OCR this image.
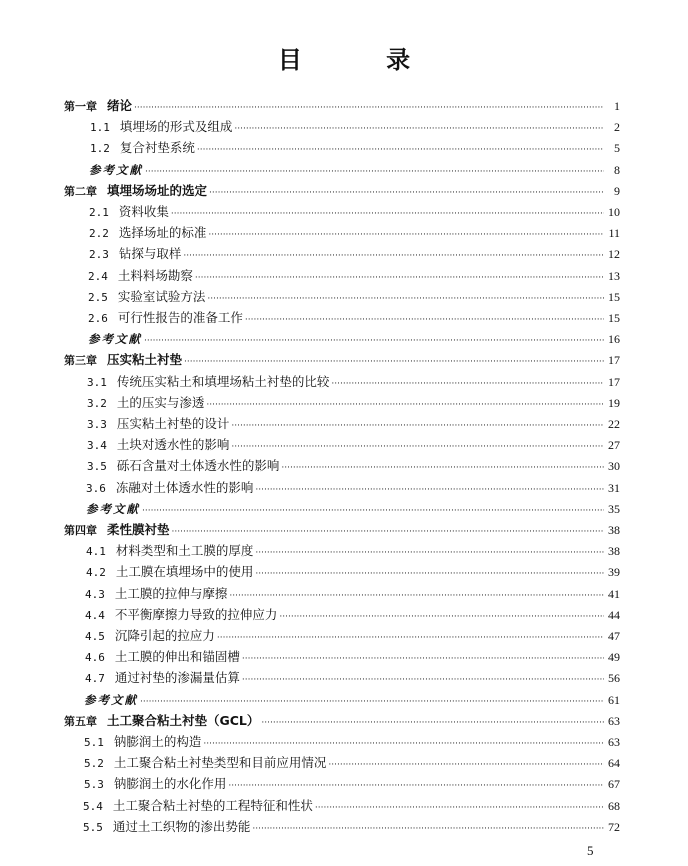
目 录
第一章 绪论 ·····	1
1.1 填埋场的形式及组成 ·····	2
1.2 复合衬垫系统 ·····	5
参考文献 ·····	8
第二章 填埋场场址的选定 ·····	9
2.1 资料收集 ·····	10
2.2 选择场址的标准 ·····	11
2.3 钻探与取样 ·····	12
2.4 土料料场勘察 ·····	13
2.5 实验室试验方法 ·····	15
2.6 可行性报告的准备工作 ·····	15
参考文献 ·····	16
第三章 压实粘土衬垫 ·····	17
3.1 传统压实粘土和填埋场粘土衬垫的比较 ·····	17
3.2 土的压实与渗透 ·····	19
3.3 压实粘土衬垫的设计 ·····	22
3.4 土块对透水性的影响 ·····	27
3.5 砾石含量对土体透水性的影响 ·····	30
3.6 冻融对土体透水性的影响 ·····	31
参考文献 ·····	35
第四章 柔性膜衬垫 ·····	38
4.1 材料类型和土工膜的厚度 ·····	38
4.2 土工膜在填埋场中的使用 ·····	39
4.3 土工膜的拉伸与摩擦 ·····	41
4.4 不平衡摩擦力导致的拉伸应力 ·····	44
4.5 沉降引起的拉应力 ·····	47
4.6 土工膜的伸出和锚固槽 ·····	49
4.7 通过衬垫的渗漏量估算 ·····	56
参考文献 ·····	61
第五章 土工聚合粘土衬垫（GCL） ·····	63
5.1 钠膨润土的构造 ·····	63
5.2 土工聚合粘土衬垫类型和目前应用情况 ·····	64
5.3 钠膨润土的水化作用 ·····	67
5.4 土工聚合粘土衬垫的工程特征和性状 ·····	68
5.5 通过土工织物的渗出势能 ·····	72
5
